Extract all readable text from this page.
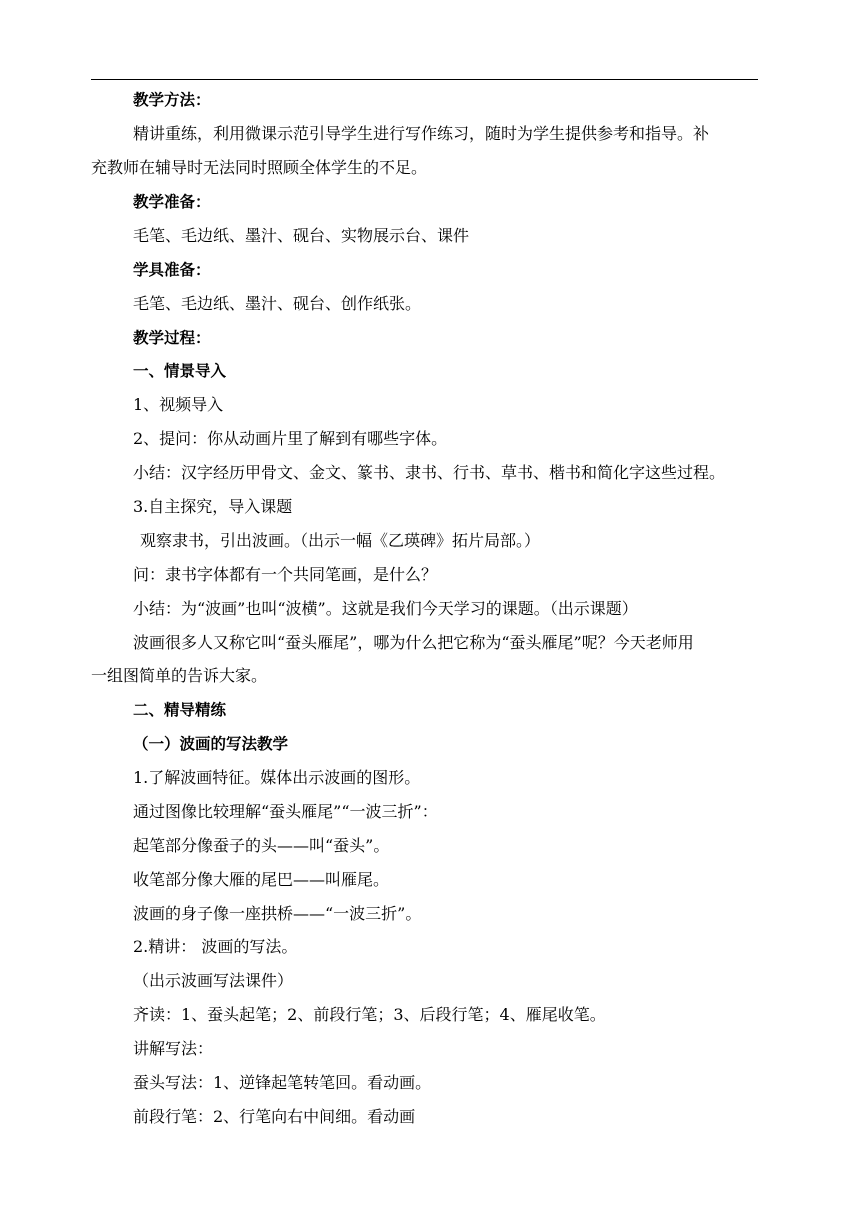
教学方法：
精讲重练，利用微课示范引导学生进行写作练习，随时为学生提供参考和指导。补
充教师在辅导时无法同时照顾全体学生的不足。
教学准备：
毛笔、毛边纸、墨汁、砚台、实物展示台、课件
学具准备：
毛笔、毛边纸、墨汁、砚台、创作纸张。
教学过程：
一、情景导入
1、视频导入
2、提问：你从动画片里了解到有哪些字体。
小结：汉字经历甲骨文、金文、篆书、隶书、行书、草书、楷书和简化字这些过程。
3.自主探究，导入课题
观察隶书，引出波画。（出示一幅《乙瑛碑》拓片局部。）
问：隶书字体都有一个共同笔画，是什么？
小结：为“波画”也叫“波横”。这就是我们今天学习的课题。（出示课题）
波画很多人又称它叫“蚕头雁尾”，哪为什么把它称为“蚕头雁尾”呢？今天老师用
一组图简单的告诉大家。
二、精导精练
（一）波画的写法教学
1.了解波画特征。媒体出示波画的图形。
通过图像比较理解“蚕头雁尾”“一波三折”：
起笔部分像蚕子的头——叫“蚕头”。
收笔部分像大雁的尾巴——叫雁尾。
波画的身子像一座拱桥——“一波三折”。
2.精讲： 波画的写法。
（出示波画写法课件）
齐读：1、蚕头起笔；2、前段行笔；3、后段行笔；4、雁尾收笔。
讲解写法：
蚕头写法：1、逆锋起笔转笔回。看动画。
前段行笔：2、行笔向右中间细。看动画
